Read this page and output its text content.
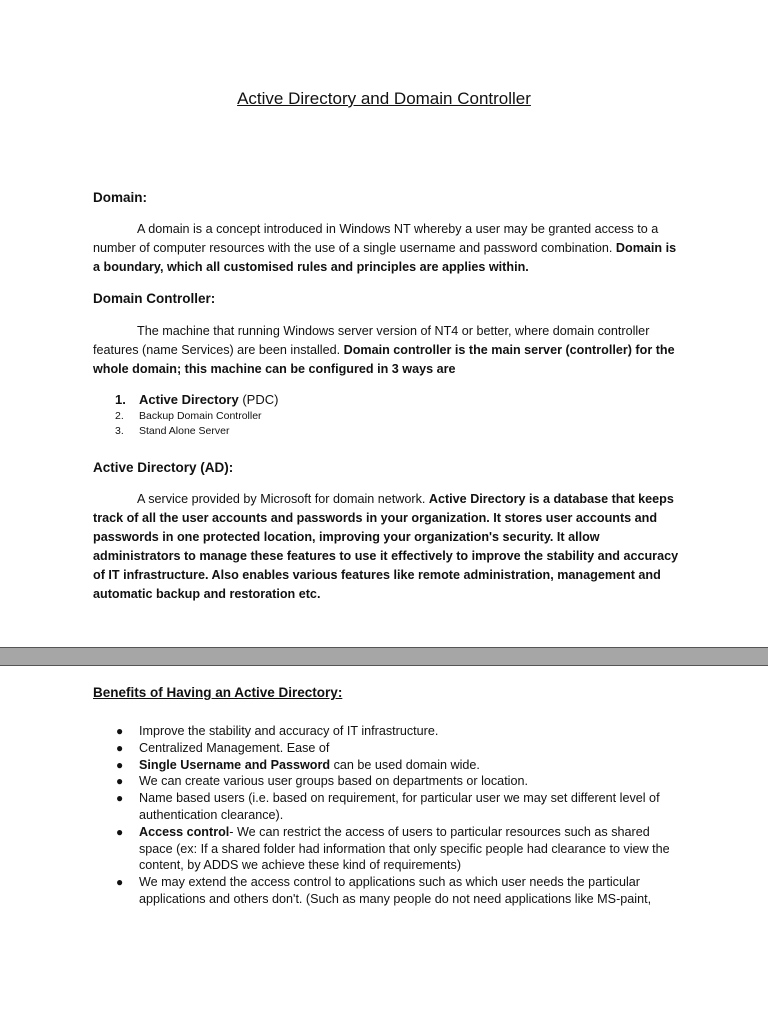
Active Directory and Domain Controller
Domain:
A domain is a concept introduced in Windows NT whereby a user may be granted access to a number of computer resources with the use of a single username and password combination. Domain is a boundary, which all customised rules and principles are applies within.
Domain Controller:
The machine that running Windows server version of NT4 or better, where domain controller features (name Services) are been installed. Domain controller is the main server (controller) for the whole domain; this machine can be configured in 3 ways are
1. Active Directory (PDC)
2. Backup Domain Controller
3. Stand Alone Server
Active Directory (AD):
A service provided by Microsoft for domain network. Active Directory is a database that keeps track of all the user accounts and passwords in your organization. It stores user accounts and passwords in one protected location, improving your organization's security. It allow administrators to manage these features to use it effectively to improve the stability and accuracy of IT infrastructure. Also enables various features like remote administration, management and automatic backup and restoration etc.
Benefits of Having an Active Directory:
● Improve the stability and accuracy of IT infrastructure.
● Centralized Management. Ease of
● Single Username and Password can be used domain wide.
● We can create various user groups based on departments or location.
● Name based users (i.e. based on requirement, for particular user we may set different level of authentication clearance).
● Access control- We can restrict the access of users to particular resources such as shared space (ex: If a shared folder had information that only specific people had clearance to view the content, by ADDS we achieve these kind of requirements)
● We may extend the access control to applications such as which user needs the particular applications and others don't. (Such as many people do not need applications like MS-paint,
